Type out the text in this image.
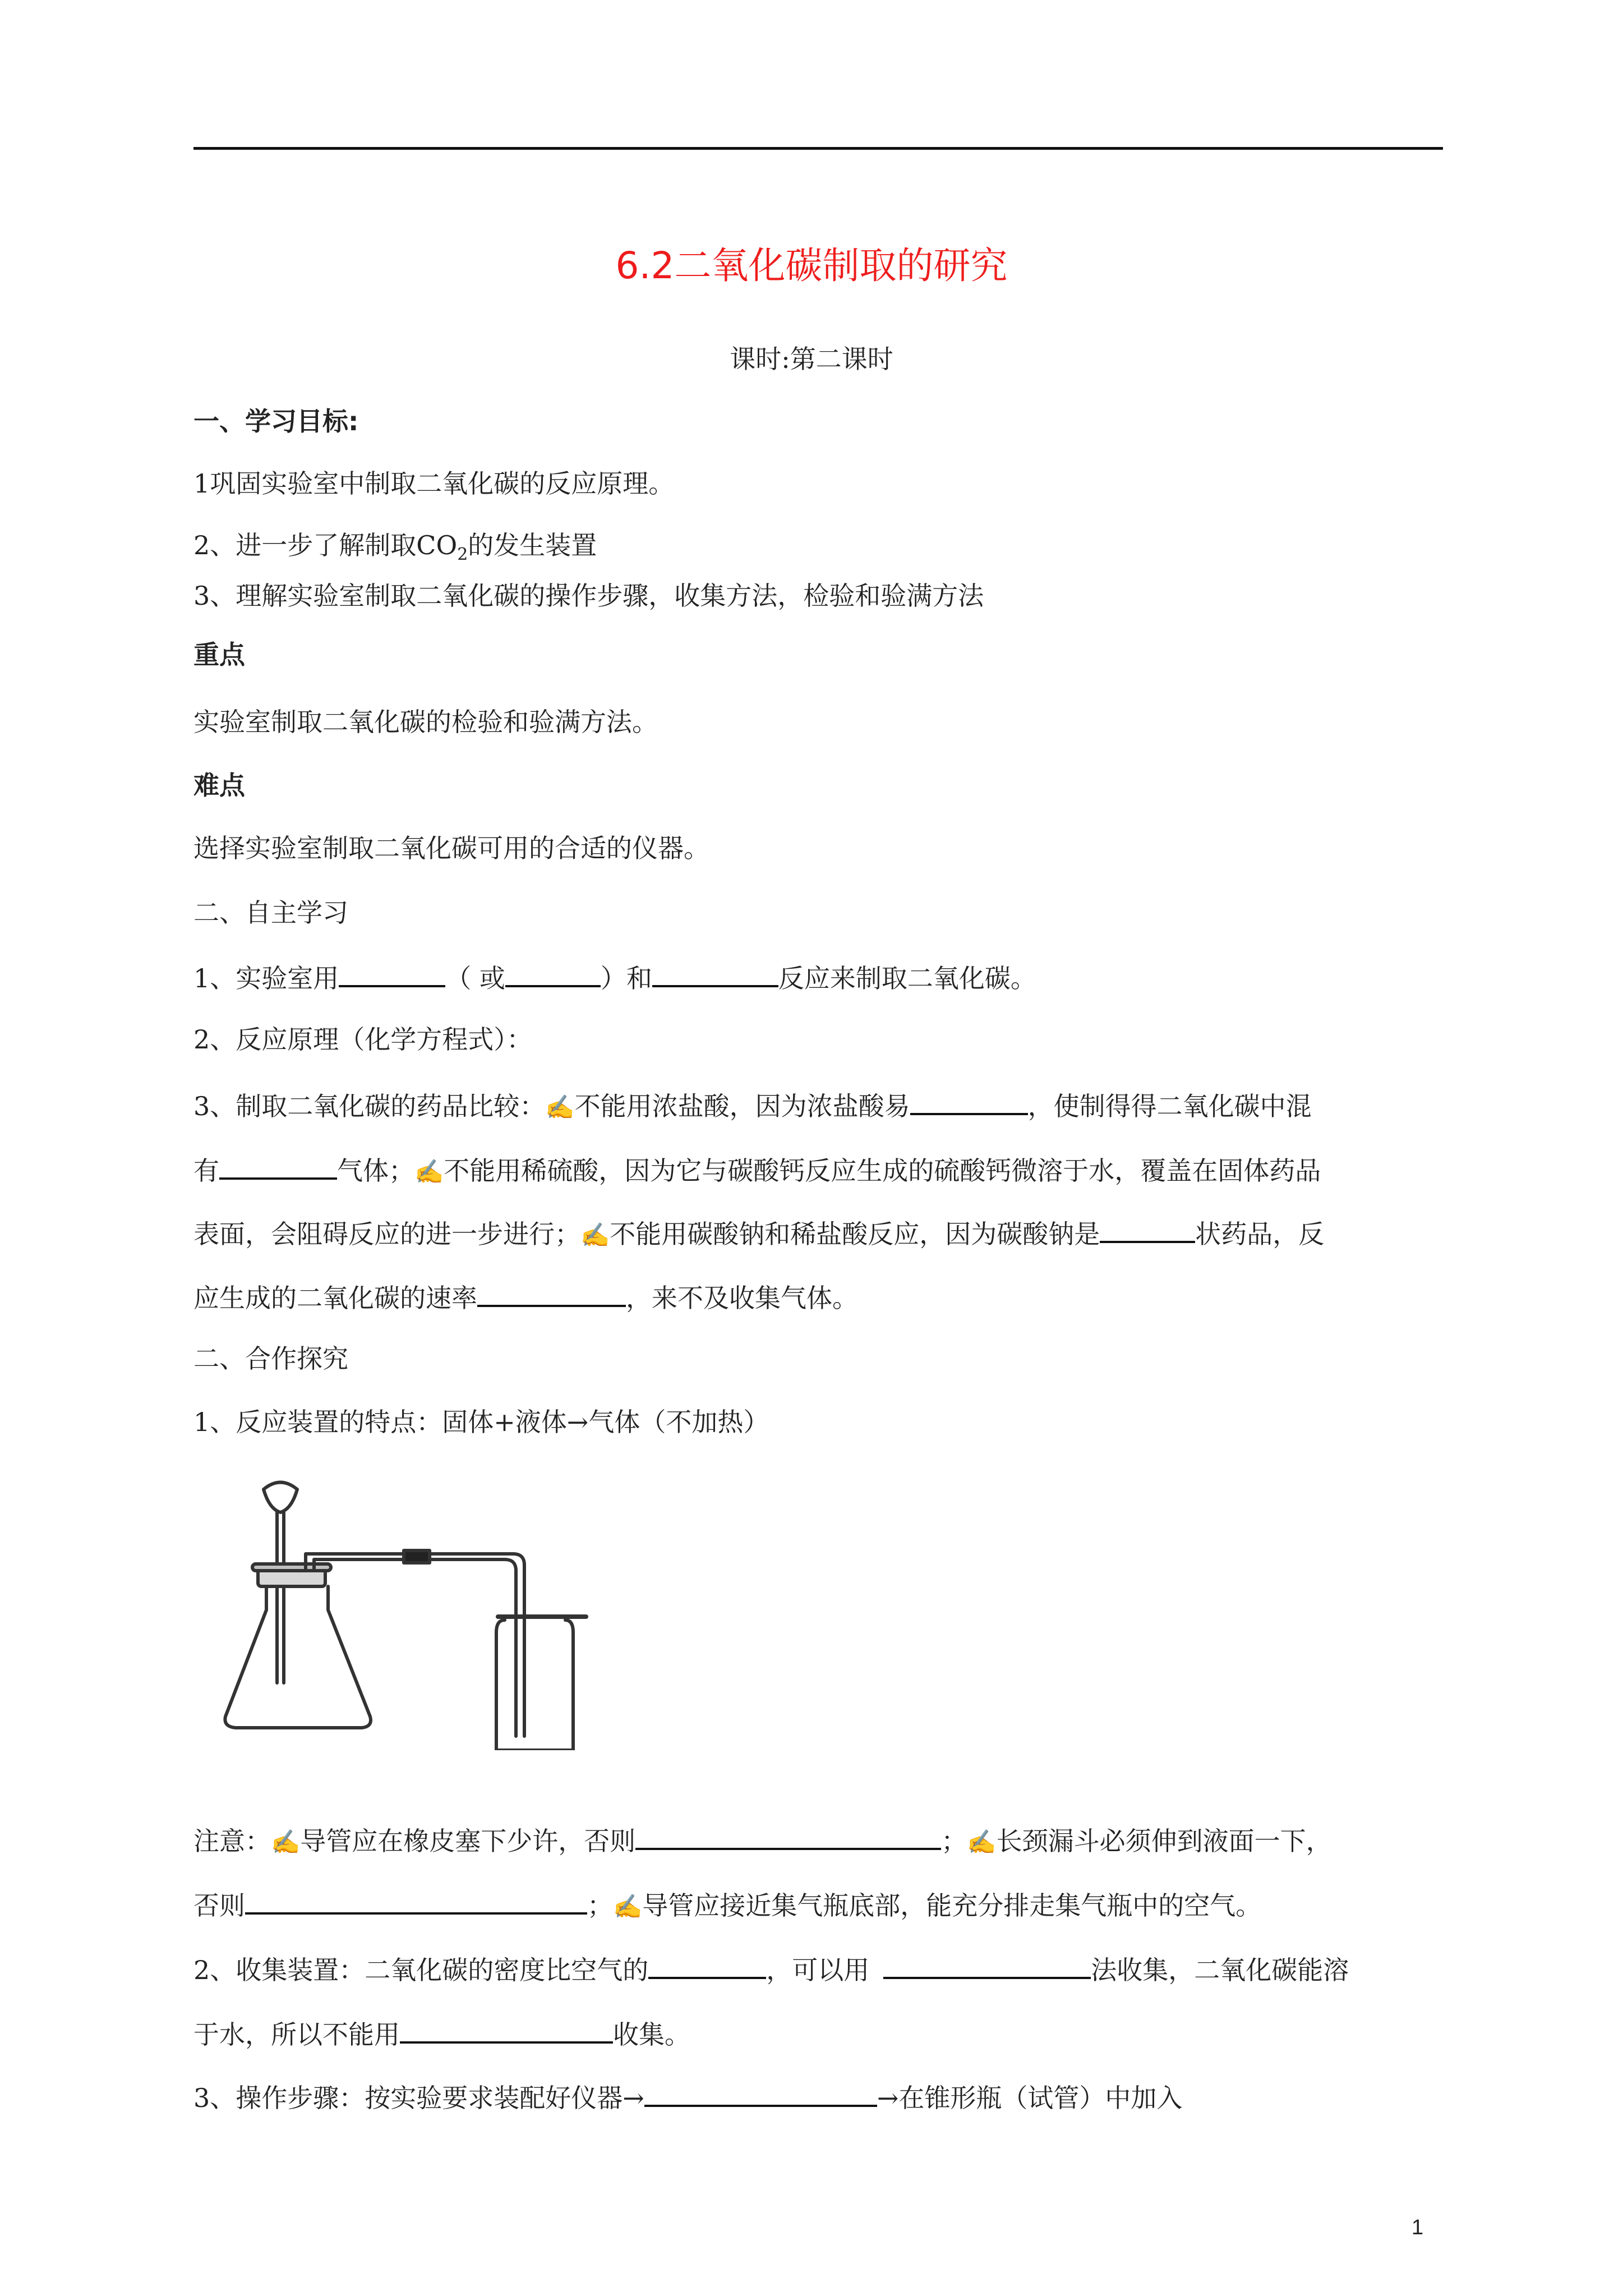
6.2二氧化碳制取的研究
课时:第二课时
一、学习目标:
1巩固实验室中制取二氧化碳的反应原理。
2、进一步了解制取$CO_2$的发生装置
3、理解实验室制取二氧化碳的操作步骤，收集方法，检验和验满方法
重点
实验室制取二氧化碳的检验和验满方法。
难点
选择实验室制取二氧化碳可用的合适的仪器。
二、自主学习
1、实验室用	（ 或	）和	反应来制取二氧化碳。
2、反应原理（化学方程式）：
3、制取二氧化碳的药品比较：✍不能用浓盐酸，因为浓盐酸易	，使制得得二氧化碳中混
有	气体；✍不能用稀硫酸，因为它与碳酸钙反应生成的硫酸钙微溶于水，覆盖在固体药品
表面，会阻碍反应的进一步进行；✍不能用碳酸钠和稀盐酸反应，因为碳酸钠是	状药品，反
应生成的二氧化碳的速率	，来不及收集气体。
二、合作探究
1、反应装置的特点：固体+液体→气体（不加热）
注意：✍导管应在橡皮塞下少许，否则	；✍长颈漏斗必须伸到液面一下，
否则	；✍导管应接近集气瓶底部，能充分排走集气瓶中的空气。
2、收集装置：二氧化碳的密度比空气的	，可以用	法收集，二氧化碳能溶
于水，所以不能用	收集。
3、操作步骤：按实验要求装配好仪器→	→在锥形瓶（试管）中加入
1
